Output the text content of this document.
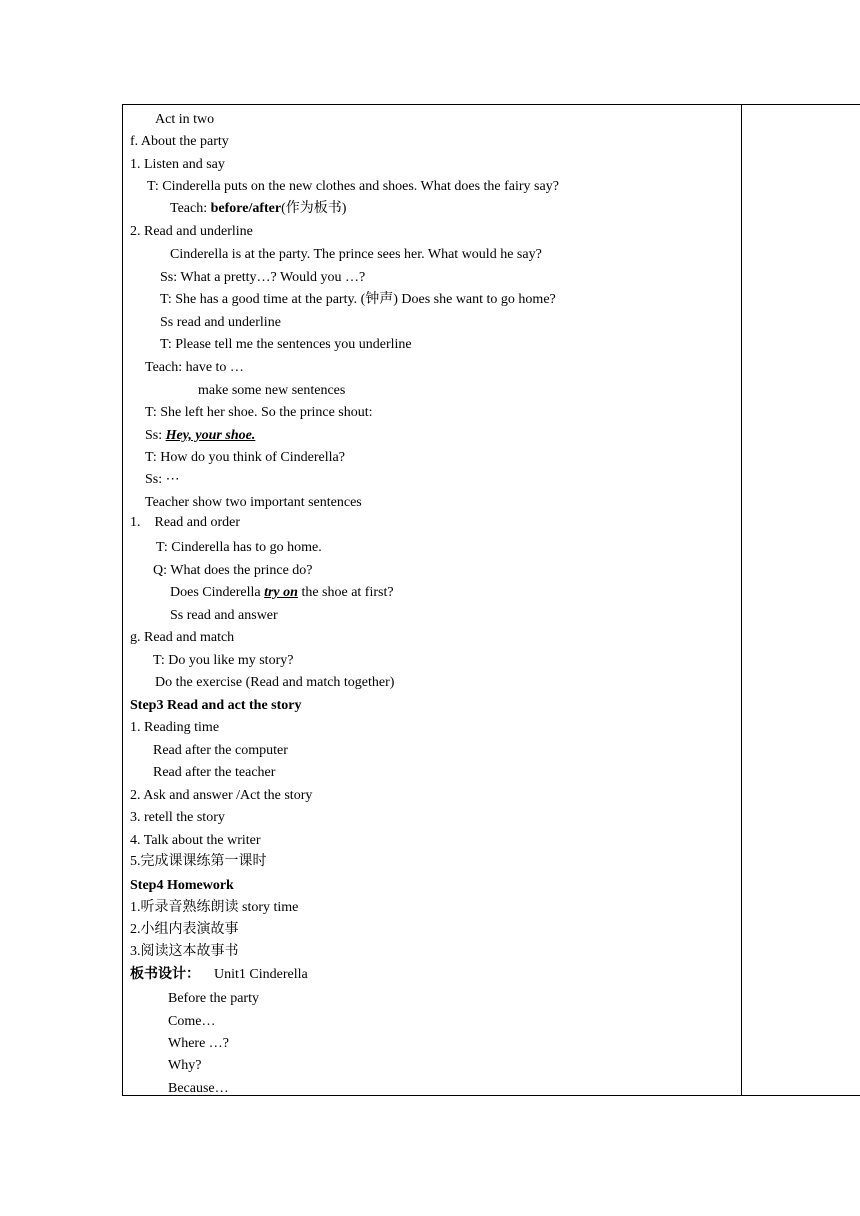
Act in two
f. About the party
1. Listen and say
T: Cinderella puts on the new clothes and shoes. What does the fairy say?
Teach: before/after(作为板书)
2. Read and underline
Cinderella is at the party. The prince sees her. What would he say?
Ss: What a pretty…? Would you …?
T: She has a good time at the party. (钟声) Does she want to go home?
Ss read and underline
T: Please tell me the sentences you underline
Teach: have to …
make some new sentences
T: She left her shoe. So the prince shout:
Ss: Hey, your shoe.
T: How do you think of Cinderella?
Ss: ⋯
Teacher show two important sentences
1.    Read and order
T: Cinderella has to go home.
Q: What does the prince do?
Does Cinderella try on the shoe at first?
Ss read and answer
g. Read and match
T: Do you like my story?
Do the exercise (Read and match together)
Step3 Read and act the story
1. Reading time
Read after the computer
Read after the teacher
2. Ask and answer /Act the story
3. retell the story
4. Talk about the writer
5.完成课课练第一课时
Step4 Homework
1.听录音熟练朗读 story time
2.小组内表演故事
3.阅读这本故事书
板书设计：    Unit1 Cinderella
Before the party
Come…
Where …?
Why?
Because…
